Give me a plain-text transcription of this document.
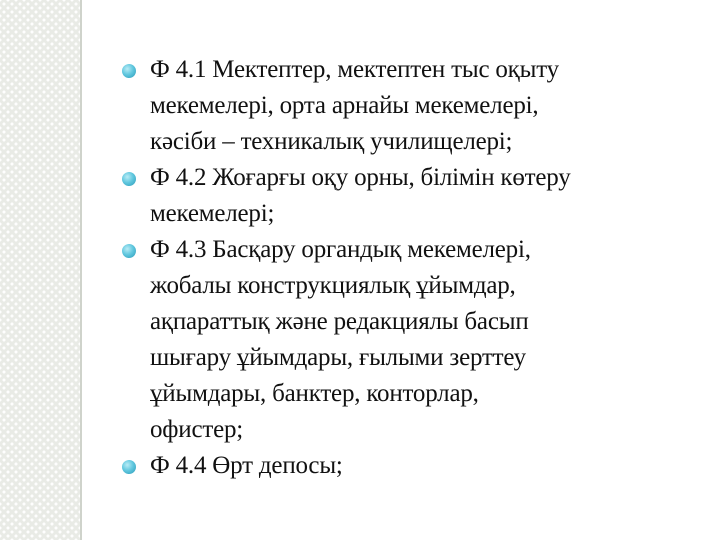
Ф 4.1 Мектептер, мектептен тыс оқыту
мекемелері, орта арнайы мекемелері,
кәсіби – техникалық училищелері;
Ф 4.2 Жоғарғы оқу орны, білімін көтеру
мекемелері;
Ф 4.3 Басқару органдық мекемелері,
жобалы конструкциялық ұйымдар,
ақпараттық және редакциялы басып
шығару ұйымдары, ғылыми зерттеу
ұйымдары, банктер, конторлар,
офистер;
Ф 4.4 Өрт депосы;
